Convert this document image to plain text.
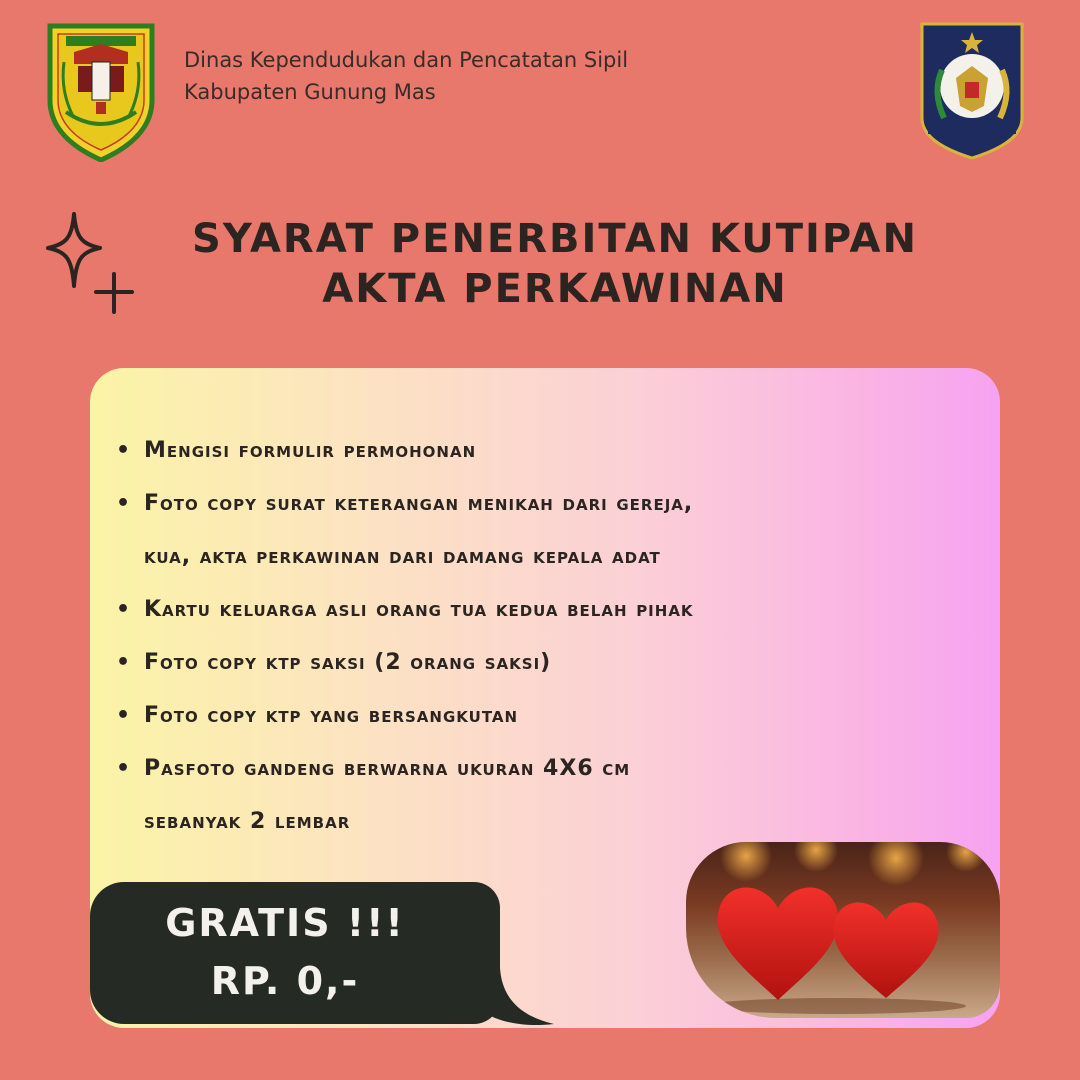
Dinas Kependudukan dan Pencatatan Sipil
Kabupaten Gunung Mas
SYARAT PENERBITAN KUTIPAN
AKTA PERKAWINAN
• Mengisi formulir permohonan
• Foto copy surat keterangan menikah dari gereja,
kua, akta perkawinan dari damang kepala adat
• Kartu keluarga asli orang tua kedua belah pihak
• Foto copy ktp saksi (2 orang saksi)
• Foto copy ktp yang bersangkutan
• Pasfoto gandeng berwarna ukuran 4X6 cm
sebanyak 2 lembar
GRATIS !!!
RP. 0,-
